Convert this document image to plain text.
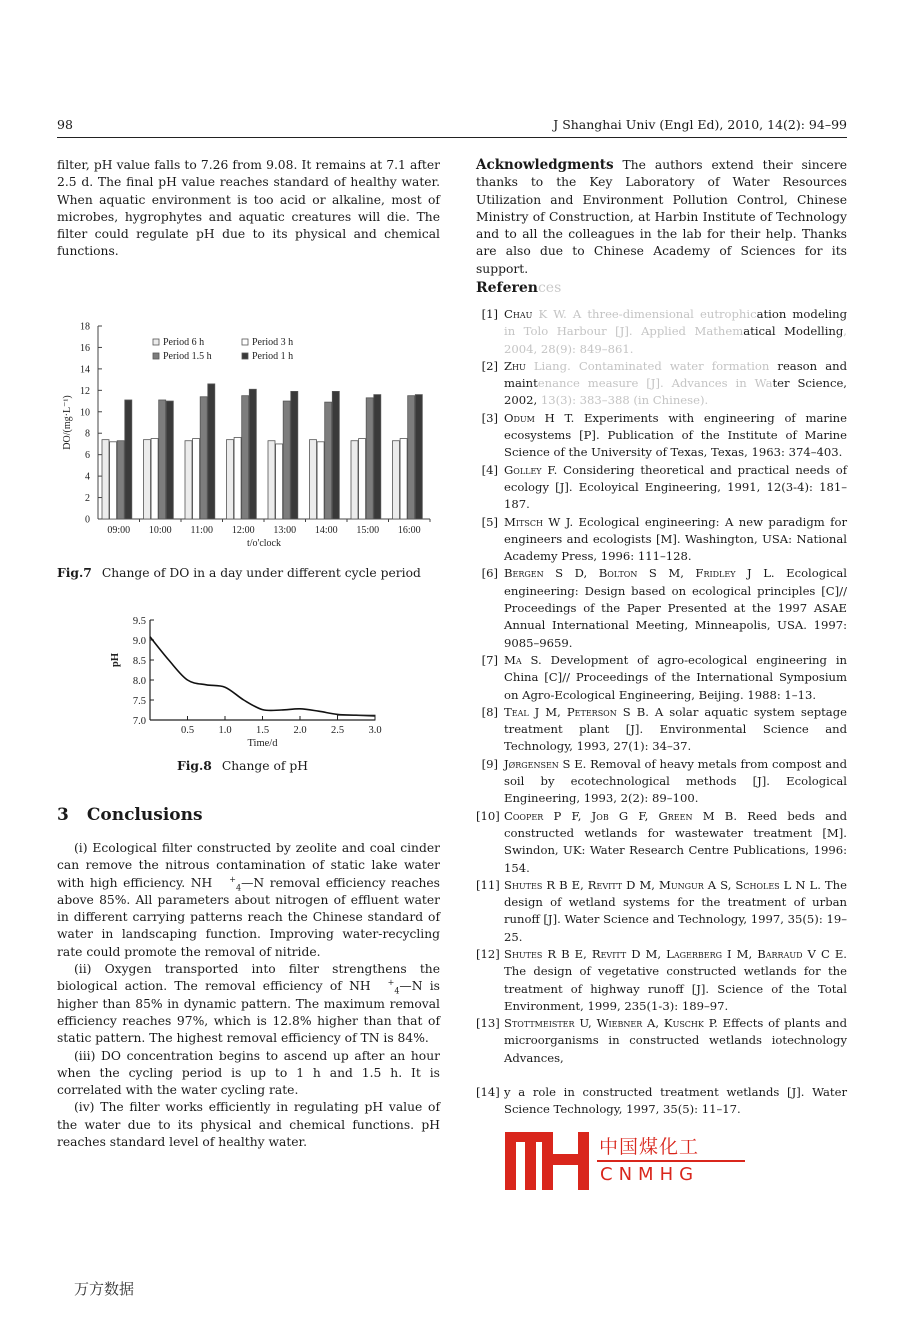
98	J Shanghai Univ (Engl Ed), 2010, 14(2): 94–99
filter, pH value falls to 7.26 from 9.08. It remains at 7.1 after 2.5 d. The final pH value reaches standard of healthy water. When aquatic environment is too acid or alkaline, most of microbes, hygrophytes and aquatic creatures will die. The filter could regulate pH due to its physical and chemical functions.
0
2
4
6
8
10
12
14
16
18
09:00 10:00 11:00 12:00 13:00 14:00 15:00 16:00
t/o'clock
DO/(mg·L⁻¹)
Period 6 h	Period 3 h
Period 1.5 h	Period 1 h
Fig.7 Change of DO in a day under different cycle period
7.0
7.5
8.0
8.5
9.0
9.5
0.5 1.0 1.5 2.0 2.5 3.0
Time/d
pH
Fig.8 Change of pH
3 Conclusions
(i) Ecological filter constructed by zeolite and coal cinder can remove the nitrous contamination of static lake water with high efficiency. NH +$_4$—N removal efficiency reaches above 85%. All parameters about nitrogen of effluent water in different carrying patterns reach the Chinese standard of water in landscaping function. Improving water-recycling rate could promote the removal of nitride.
(ii) Oxygen transported into filter strengthens the biological action. The removal efficiency of NH +$_4$—N is higher than 85% in dynamic pattern. The maximum removal efficiency reaches 97%, which is 12.8% higher than that of static pattern. The highest removal efficiency of TN is 84%.
(iii) DO concentration begins to ascend up after an hour when the cycling period is up to 1 h and 1.5 h. It is correlated with the water cycling rate.
(iv) The filter works efficiently in regulating pH value of the water due to its physical and chemical functions. pH reaches standard level of healthy water.
万方数据
Acknowledgments The authors extend their sincere thanks to the Key Laboratory of Water Resources Utilization and Environment Pollution Control, Chinese Ministry of Construction, at Harbin Institute of Technology and to all the colleagues in the lab for their help. Thanks are also due to Chinese Academy of Sciences for its support.
References
[1] Chau K W. A three-dimensional eutrophication modeling in Tolo Harbour [J]. Applied Mathematical Modelling, 2004, 28(9): 849–861.
[2] Zhu Liang. Contaminated water formation reason and maintenance measure [J]. Advances in Water Science, 2002, 13(3): 383–388 (in Chinese).
[3] Odum H T. Experiments with engineering of marine ecosystems [P]. Publication of the Institute of Marine Science of the University of Texas, Texas, 1963: 374–403.
[4] Golley F. Considering theoretical and practical needs of ecology [J]. Ecoloyical Engineering, 1991, 12(3-4): 181–187.
[5] Mitsch W J. Ecological engineering: A new paradigm for engineers and ecologists [M]. Washington, USA: National Academy Press, 1996: 111–128.
[6] Bergen S D, Bolton S M, Fridley J L. Ecological engineering: Design based on ecological principles [C]// Proceedings of the Paper Presented at the 1997 ASAE Annual International Meeting, Minneapolis, USA. 1997: 9085–9659.
[7] Ma S. Development of agro-ecological engineering in China [C]// Proceedings of the International Symposium on Agro-Ecological Engineering, Beijing. 1988: 1–13.
[8] Teal J M, Peterson S B. A solar aquatic system septage treatment plant [J]. Environmental Science and Technology, 1993, 27(1): 34–37.
[9] Jørgensen S E. Removal of heavy metals from compost and soil by ecotechnological methods [J]. Ecological Engineering, 1993, 2(2): 89–100.
[10] Cooper P F, Job G F, Green M B. Reed beds and constructed wetlands for wastewater treatment [M]. Swindon, UK: Water Research Centre Publications, 1996: 154.
[11] Shutes R B E, Revitt D M, Mungur A S, Scholes L N L. The design of wetland systems for the treatment of urban runoff [J]. Water Science and Technology, 1997, 35(5): 19–25.
[12] Shutes R B E, Revitt D M, Lagerberg I M, Barraud V C E. The design of vegetative constructed wetlands for the treatment of highway runoff [J]. Science of the Total Environment, 1999, 235(1-3): 189–97.
[13] Stottmeister U, Wiebner A, Kuschk P. Effects of plants and microorganisms in constructed wetlands iotechnology Advances,
[14] y a role in constructed treatment wetlands [J]. Water Science Technology, 1997, 35(5): 11–17.
中国煤化工
CNMHG
